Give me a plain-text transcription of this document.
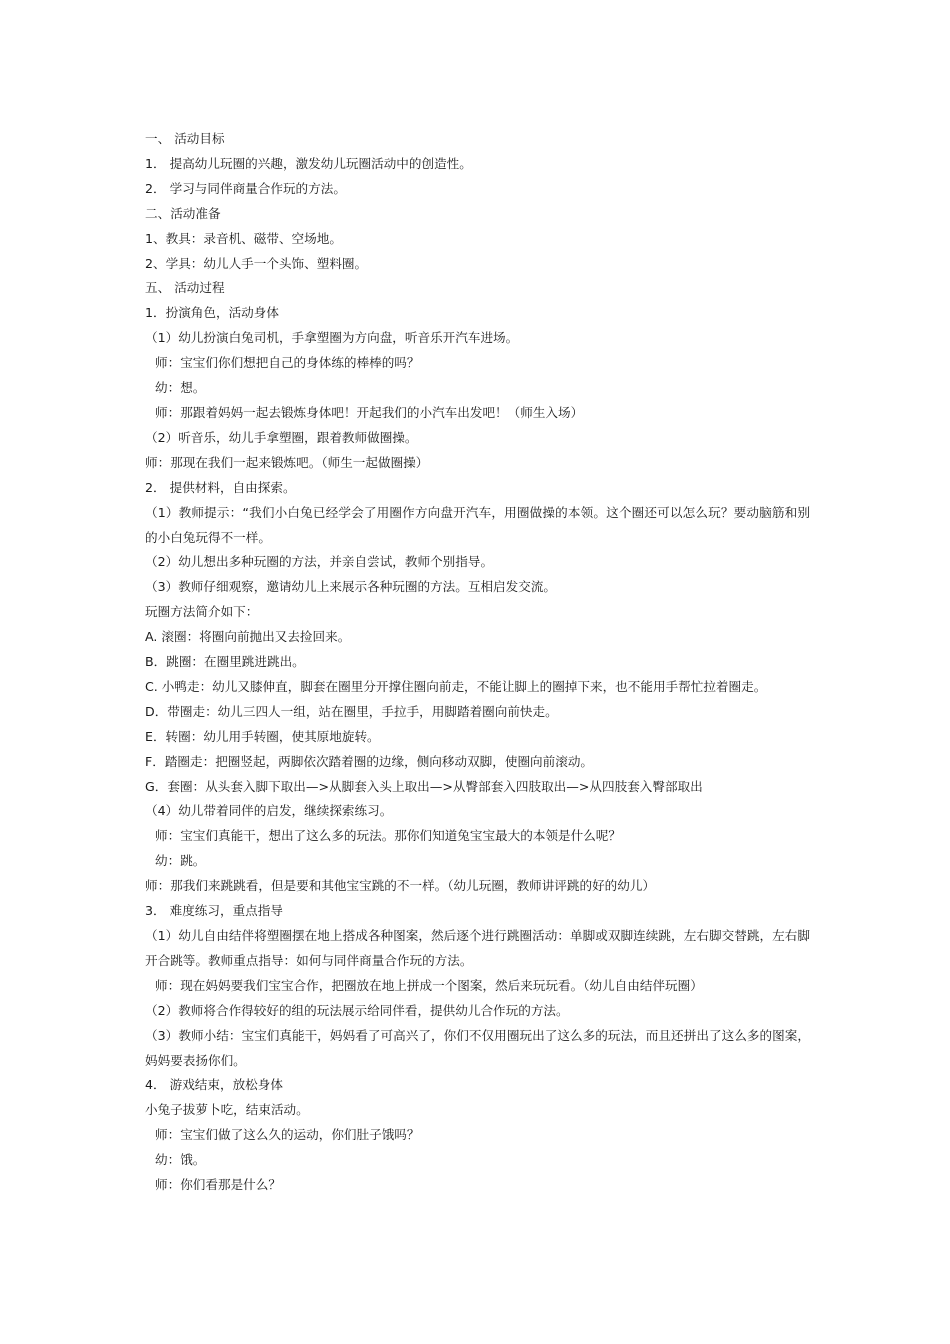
一、 活动目标
1． 提高幼儿玩圈的兴趣，激发幼儿玩圈活动中的创造性。
2． 学习与同伴商量合作玩的方法。
二、活动准备
1、教具：录音机、磁带、空场地。
2、学具：幼儿人手一个头饰、塑料圈。
五、 活动过程
1．扮演角色，活动身体
（1）幼儿扮演白兔司机，手拿塑圈为方向盘，听音乐开汽车进场。
师：宝宝们你们想把自己的身体练的棒棒的吗？
幼：想。
师：那跟着妈妈一起去锻炼身体吧！开起我们的小汽车出发吧！（师生入场）
（2）听音乐，幼儿手拿塑圈，跟着教师做圈操。
师：那现在我们一起来锻炼吧。（师生一起做圈操）
2． 提供材料，自由探索。
（1）教师提示：“我们小白兔已经学会了用圈作方向盘开汽车，用圈做操的本领。这个圈还可以怎么玩？要动脑筋和别的小白兔玩得不一样。
（2）幼儿想出多种玩圈的方法，并亲自尝试，教师个别指导。
（3）教师仔细观察，邀请幼儿上来展示各种玩圈的方法。互相启发交流。
玩圈方法简介如下：
A. 滚圈：将圈向前抛出又去捡回来。
B．跳圈：在圈里跳进跳出。
C. 小鸭走：幼儿又膝伸直，脚套在圈里分开撑住圈向前走，不能让脚上的圈掉下来，也不能用手帮忙拉着圈走。
D．带圈走：幼儿三四人一组，站在圈里，手拉手，用脚踏着圈向前快走。
E．转圈：幼儿用手转圈，使其原地旋转。
F．踏圈走：把圈竖起，两脚依次踏着圈的边缘，侧向移动双脚，使圈向前滚动。
G．套圈：从头套入脚下取出—>从脚套入头上取出—>从臀部套入四肢取出—>从四肢套入臀部取出
（4）幼儿带着同伴的启发，继续探索练习。
师：宝宝们真能干，想出了这么多的玩法。那你们知道兔宝宝最大的本领是什么呢？
幼：跳。
师：那我们来跳跳看，但是要和其他宝宝跳的不一样。（幼儿玩圈，教师讲评跳的好的幼儿）
3． 难度练习，重点指导
（1）幼儿自由结伴将塑圈摆在地上搭成各种图案，然后逐个进行跳圈活动：单脚或双脚连续跳，左右脚交替跳，左右脚开合跳等。教师重点指导：如何与同伴商量合作玩的方法。
师：现在妈妈要我们宝宝合作，把圈放在地上拼成一个图案，然后来玩玩看。（幼儿自由结伴玩圈）
（2）教师将合作得较好的组的玩法展示给同伴看，提供幼儿合作玩的方法。
（3）教师小结：宝宝们真能干，妈妈看了可高兴了，你们不仅用圈玩出了这么多的玩法，而且还拼出了这么多的图案，妈妈要表扬你们。
4． 游戏结束，放松身体
小兔子拔萝卜吃，结束活动。
师：宝宝们做了这么久的运动，你们肚子饿吗？
幼：饿。
师：你们看那是什么？
